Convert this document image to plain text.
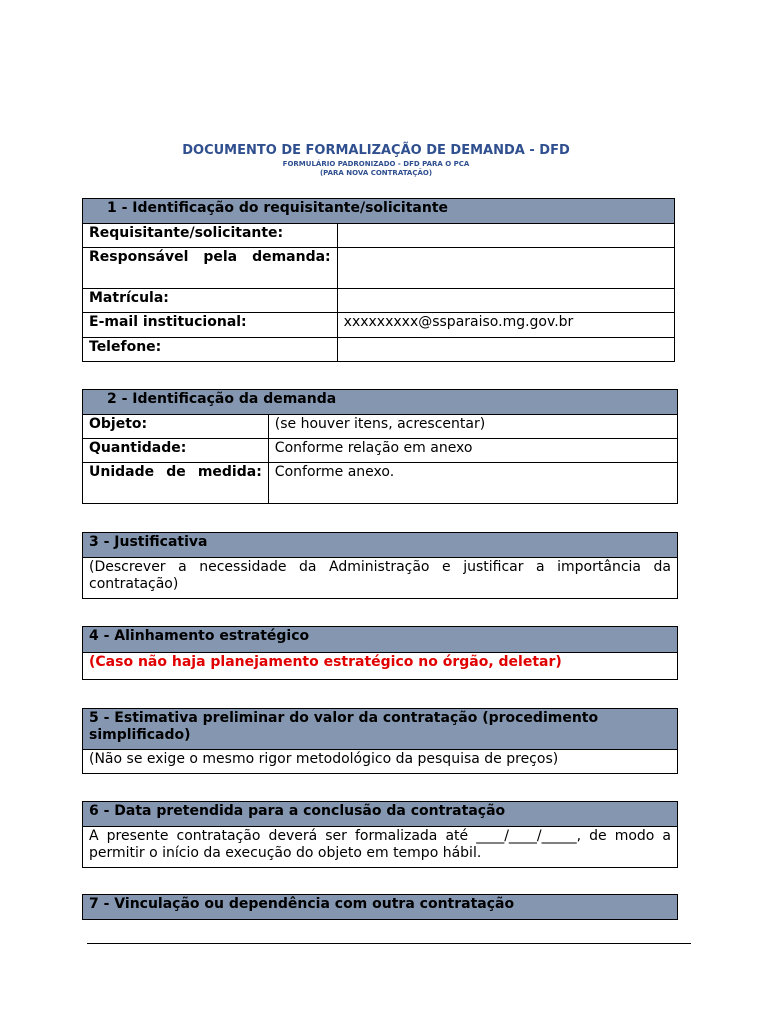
DOCUMENTO DE FORMALIZAÇÃO DE DEMANDA - DFD
FORMULÁRIO PADRONIZADO - DFD PARA O PCA
(PARA NOVA CONTRATAÇÃO)
1 - Identificação do requisitante/solicitante	
Requisitante/solicitante:	
Responsável pela demanda:	
Matrícula:	
E-mail institucional:	xxxxxxxxx@ssparaiso.mg.gov.br
Telefone:	
2 - Identificação da demanda	
Objeto:	(se houver itens, acrescentar)
Quantidade:	Conforme relação em anexo
Unidade de medida:	Conforme anexo.
3 - Justificativa
(Descrever a necessidade da Administração e justificar a importância da contratação)
4 - Alinhamento estratégico
(Caso não haja planejamento estratégico no órgão, deletar)
5 - Estimativa preliminar do valor da contratação (procedimento simplificado)
(Não se exige o mesmo rigor metodológico da pesquisa de preços)
6 - Data pretendida para a conclusão da contratação
A presente contratação deverá ser formalizada até ____/____/_____, de modo a permitir o início da execução do objeto em tempo hábil.
7 - Vinculação ou dependência com outra contratação
